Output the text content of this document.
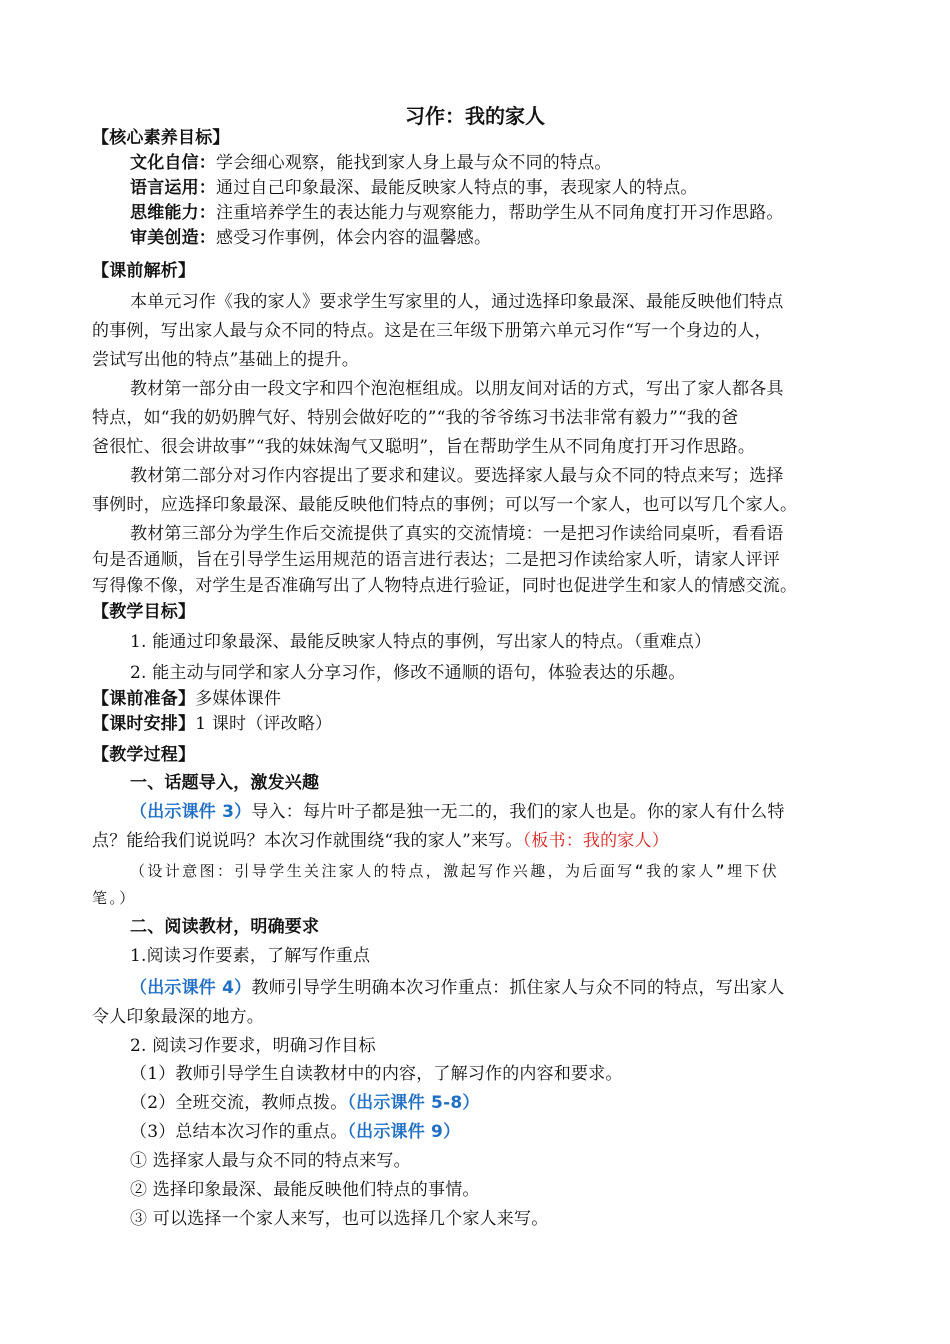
习作：我的家人
【核心素养目标】
文化自信：学会细心观察，能找到家人身上最与众不同的特点。
语言运用：通过自己印象最深、最能反映家人特点的事，表现家人的特点。
思维能力：注重培养学生的表达能力与观察能力，帮助学生从不同角度打开习作思路。
审美创造：感受习作事例，体会内容的温馨感。
【课前解析】
本单元习作《我的家人》要求学生写家里的人，通过选择印象最深、最能反映他们特点
的事例，写出家人最与众不同的特点。这是在三年级下册第六单元习作“写一个身边的人，
尝试写出他的特点”基础上的提升。
教材第一部分由一段文字和四个泡泡框组成。以朋友间对话的方式，写出了家人都各具
特点，如“我的奶奶脾气好、特别会做好吃的”“我的爷爷练习书法非常有毅力”“我的爸
爸很忙、很会讲故事”“我的妹妹淘气又聪明”，旨在帮助学生从不同角度打开习作思路。
教材第二部分对习作内容提出了要求和建议。要选择家人最与众不同的特点来写；选择
事例时，应选择印象最深、最能反映他们特点的事例；可以写一个家人，也可以写几个家人。
教材第三部分为学生作后交流提供了真实的交流情境：一是把习作读给同桌听，看看语
句是否通顺，旨在引导学生运用规范的语言进行表达；二是把习作读给家人听，请家人评评
写得像不像，对学生是否准确写出了人物特点进行验证，同时也促进学生和家人的情感交流。
【教学目标】
1. 能通过印象最深、最能反映家人特点的事例，写出家人的特点。（重难点）
2. 能主动与同学和家人分享习作，修改不通顺的语句，体验表达的乐趣。
【课前准备】多媒体课件
【课时安排】1 课时（评改略）
【教学过程】
一、话题导入，激发兴趣
（出示课件 3）导入：每片叶子都是独一无二的，我们的家人也是。你的家人有什么特
点？能给我们说说吗？本次习作就围绕“我的家人”来写。（板书：我的家人）
（设计意图：引导学生关注家人的特点，激起写作兴趣，为后面写“我的家人”埋下伏
笔。）
二、阅读教材，明确要求
1.阅读习作要素，了解写作重点
（出示课件 4）教师引导学生明确本次习作重点：抓住家人与众不同的特点，写出家人
令人印象最深的地方。
2. 阅读习作要求，明确习作目标
（1）教师引导学生自读教材中的内容，了解习作的内容和要求。
（2）全班交流，教师点拨。（出示课件 5-8）
（3）总结本次习作的重点。（出示课件 9）
① 选择家人最与众不同的特点来写。
② 选择印象最深、最能反映他们特点的事情。
③ 可以选择一个家人来写，也可以选择几个家人来写。
